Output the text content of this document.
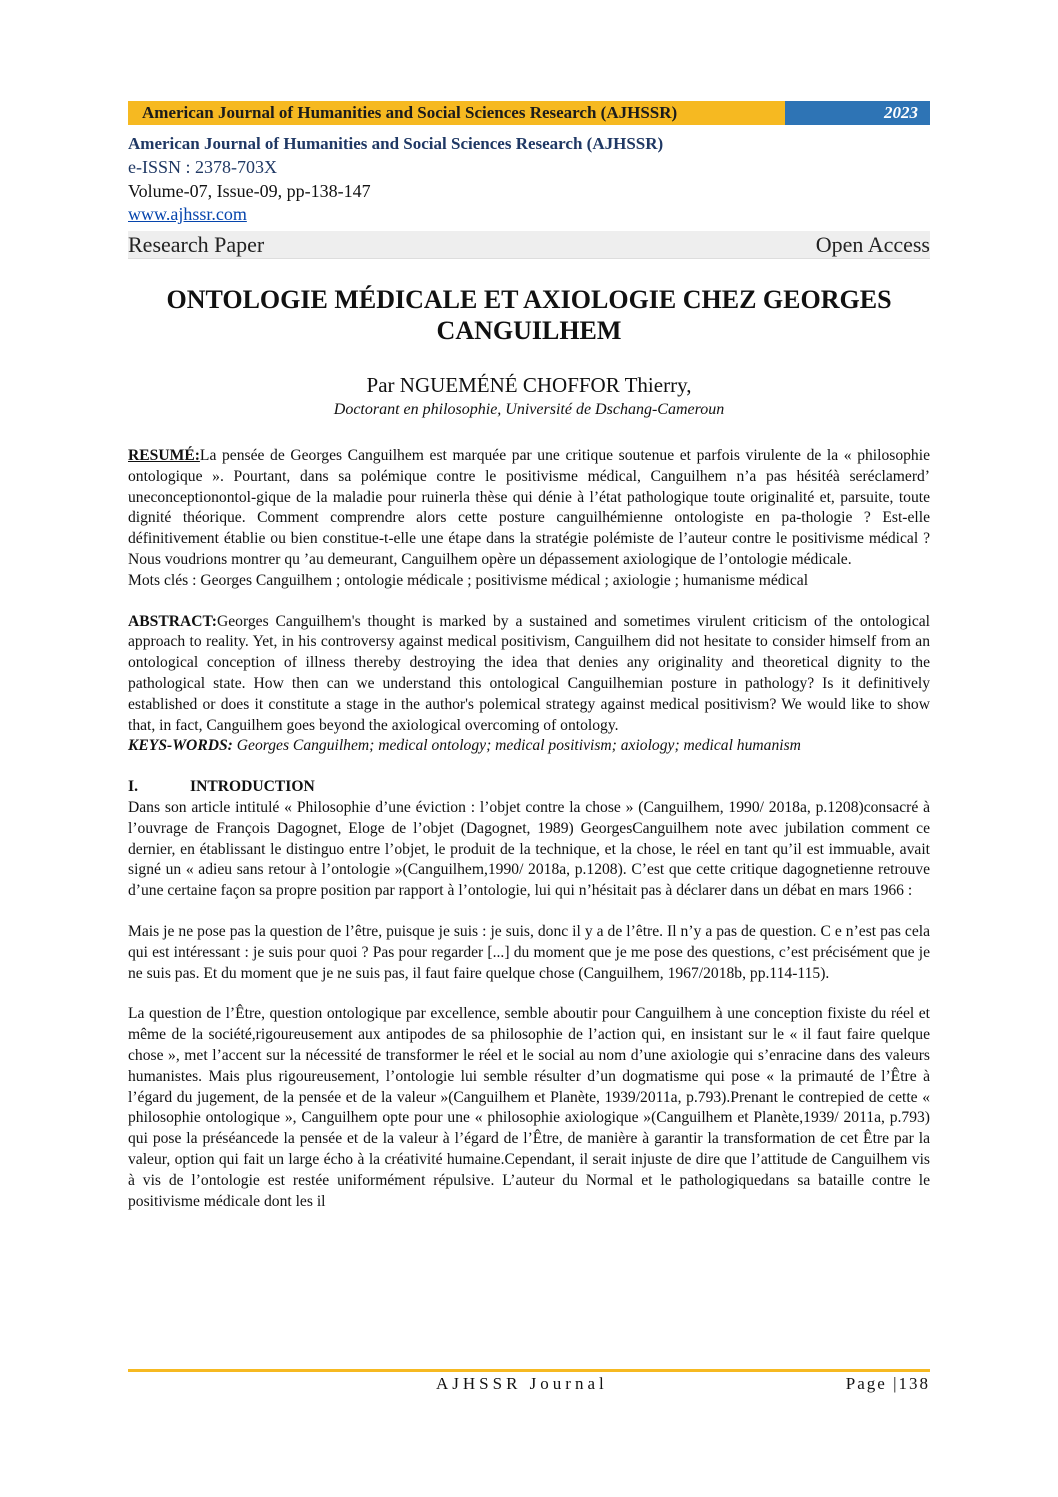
American Journal of Humanities and Social Sciences Research (AJHSSR)	2023
American Journal of Humanities and Social Sciences Research (AJHSSR)
e-ISSN : 2378-703X
Volume-07, Issue-09, pp-138-147
www.ajhssr.com
Research Paper	Open Access
ONTOLOGIE MÉDICALE ET AXIOLOGIE CHEZ GEORGES
CANGUILHEM
Par NGUEMÉNÉ CHOFFOR Thierry,
Doctorant en philosophie, Université de Dschang-Cameroun

RESUMÉ:La pensée de Georges Canguilhem est marquée par une critique soutenue et parfois virulente de la « philosophie ontologique ». Pourtant, dans sa polémique contre le positivisme médical, Canguilhem n’a pas hésitéà seréclamerd’ uneconceptionontol-gique de la maladie pour ruinerla thèse qui dénie à l’état pathologique toute originalité et, parsuite, toute dignité théorique. Comment comprendre alors cette posture canguilhémienne ontologiste en pa-thologie ? Est-elle définitivement établie ou bien constitue-t-elle une étape dans la stratégie polémiste de l’auteur contre le positivisme médical ? Nous voudrions montrer qu ’au demeurant, Canguilhem opère un dépassement axiologique de l’ontologie médicale.

Mots clés : Georges Canguilhem ; ontologie médicale ; positivisme médical ; axiologie ; humanisme médical

ABSTRACT:Georges Canguilhem's thought is marked by a sustained and sometimes virulent criticism of the ontological approach to reality. Yet, in his controversy against medical positivism, Canguilhem did not hesitate to consider himself from an ontological conception of illness thereby destroying the idea that denies any originality and theoretical dignity to the pathological state. How then can we understand this ontological Canguilhemian posture in pathology? Is it definitively established or does it constitute a stage in the author's polemical strategy against medical positivism? We would like to show that, in fact, Canguilhem goes beyond the axiological overcoming of ontology.

KEYS-WORDS: Georges Canguilhem; medical ontology; medical positivism; axiology; medical humanism

I.	INTRODUCTION

Dans son article intitulé « Philosophie d’une éviction : l’objet contre la chose » (Canguilhem, 1990/ 2018a, p.1208)consacré à l’ouvrage de François Dagognet, Eloge de l’objet (Dagognet, 1989) GeorgesCanguilhem note avec jubilation comment ce dernier, en établissant le distinguo entre l’objet, le produit de la technique, et la chose, le réel en tant qu’il est immuable, avait signé un « adieu sans retour à l’ontologie »(Canguilhem,1990/ 2018a, p.1208). C’est que cette critique dagognetienne retrouve d’une certaine façon sa propre position par rapport à l’ontologie, lui qui n’hésitait pas à déclarer dans un débat en mars 1966 :

Mais je ne pose pas la question de l’être, puisque je suis : je suis, donc il y a de l’être. Il n’y a pas de question. C e n’est pas cela qui est intéressant : je suis pour quoi ? Pas pour regarder [...] du moment que je me pose des questions, c’est précisément que je ne suis pas. Et du moment que je ne suis pas, il faut faire quelque chose (Canguilhem, 1967/2018b, pp.114-115).

La question de l’Être, question ontologique par excellence, semble aboutir pour Canguilhem à une conception fixiste du réel et même de la société,rigoureusement aux antipodes de sa philosophie de l’action qui, en insistant sur le « il faut faire quelque chose », met l’accent sur la nécessité de transformer le réel et le social au nom d’une axiologie qui s’enracine dans des valeurs humanistes. Mais plus rigoureusement, l’ontologie lui semble résulter d’un dogmatisme qui pose « la primauté de l’Être à l’égard du jugement, de la pensée et de la valeur »(Canguilhem et Planète, 1939/2011a, p.793).Prenant le contrepied de cette « philosophie ontologique », Canguilhem opte pour une « philosophie axiologique »(Canguilhem et Planète,1939/ 2011a, p.793) qui pose la préséancede la pensée et de la valeur à l’égard de l’Être, de manière à garantir la transformation de cet Être par la valeur, option qui fait un large écho à la créativité humaine.Cependant, il serait injuste de dire que l’attitude de Canguilhem vis à vis de l’ontologie est restée uniformément répulsive. L’auteur du Normal et le pathologiquedans sa bataille contre le positivisme médicale dont les il

AJHSSR Journal	Page |138
